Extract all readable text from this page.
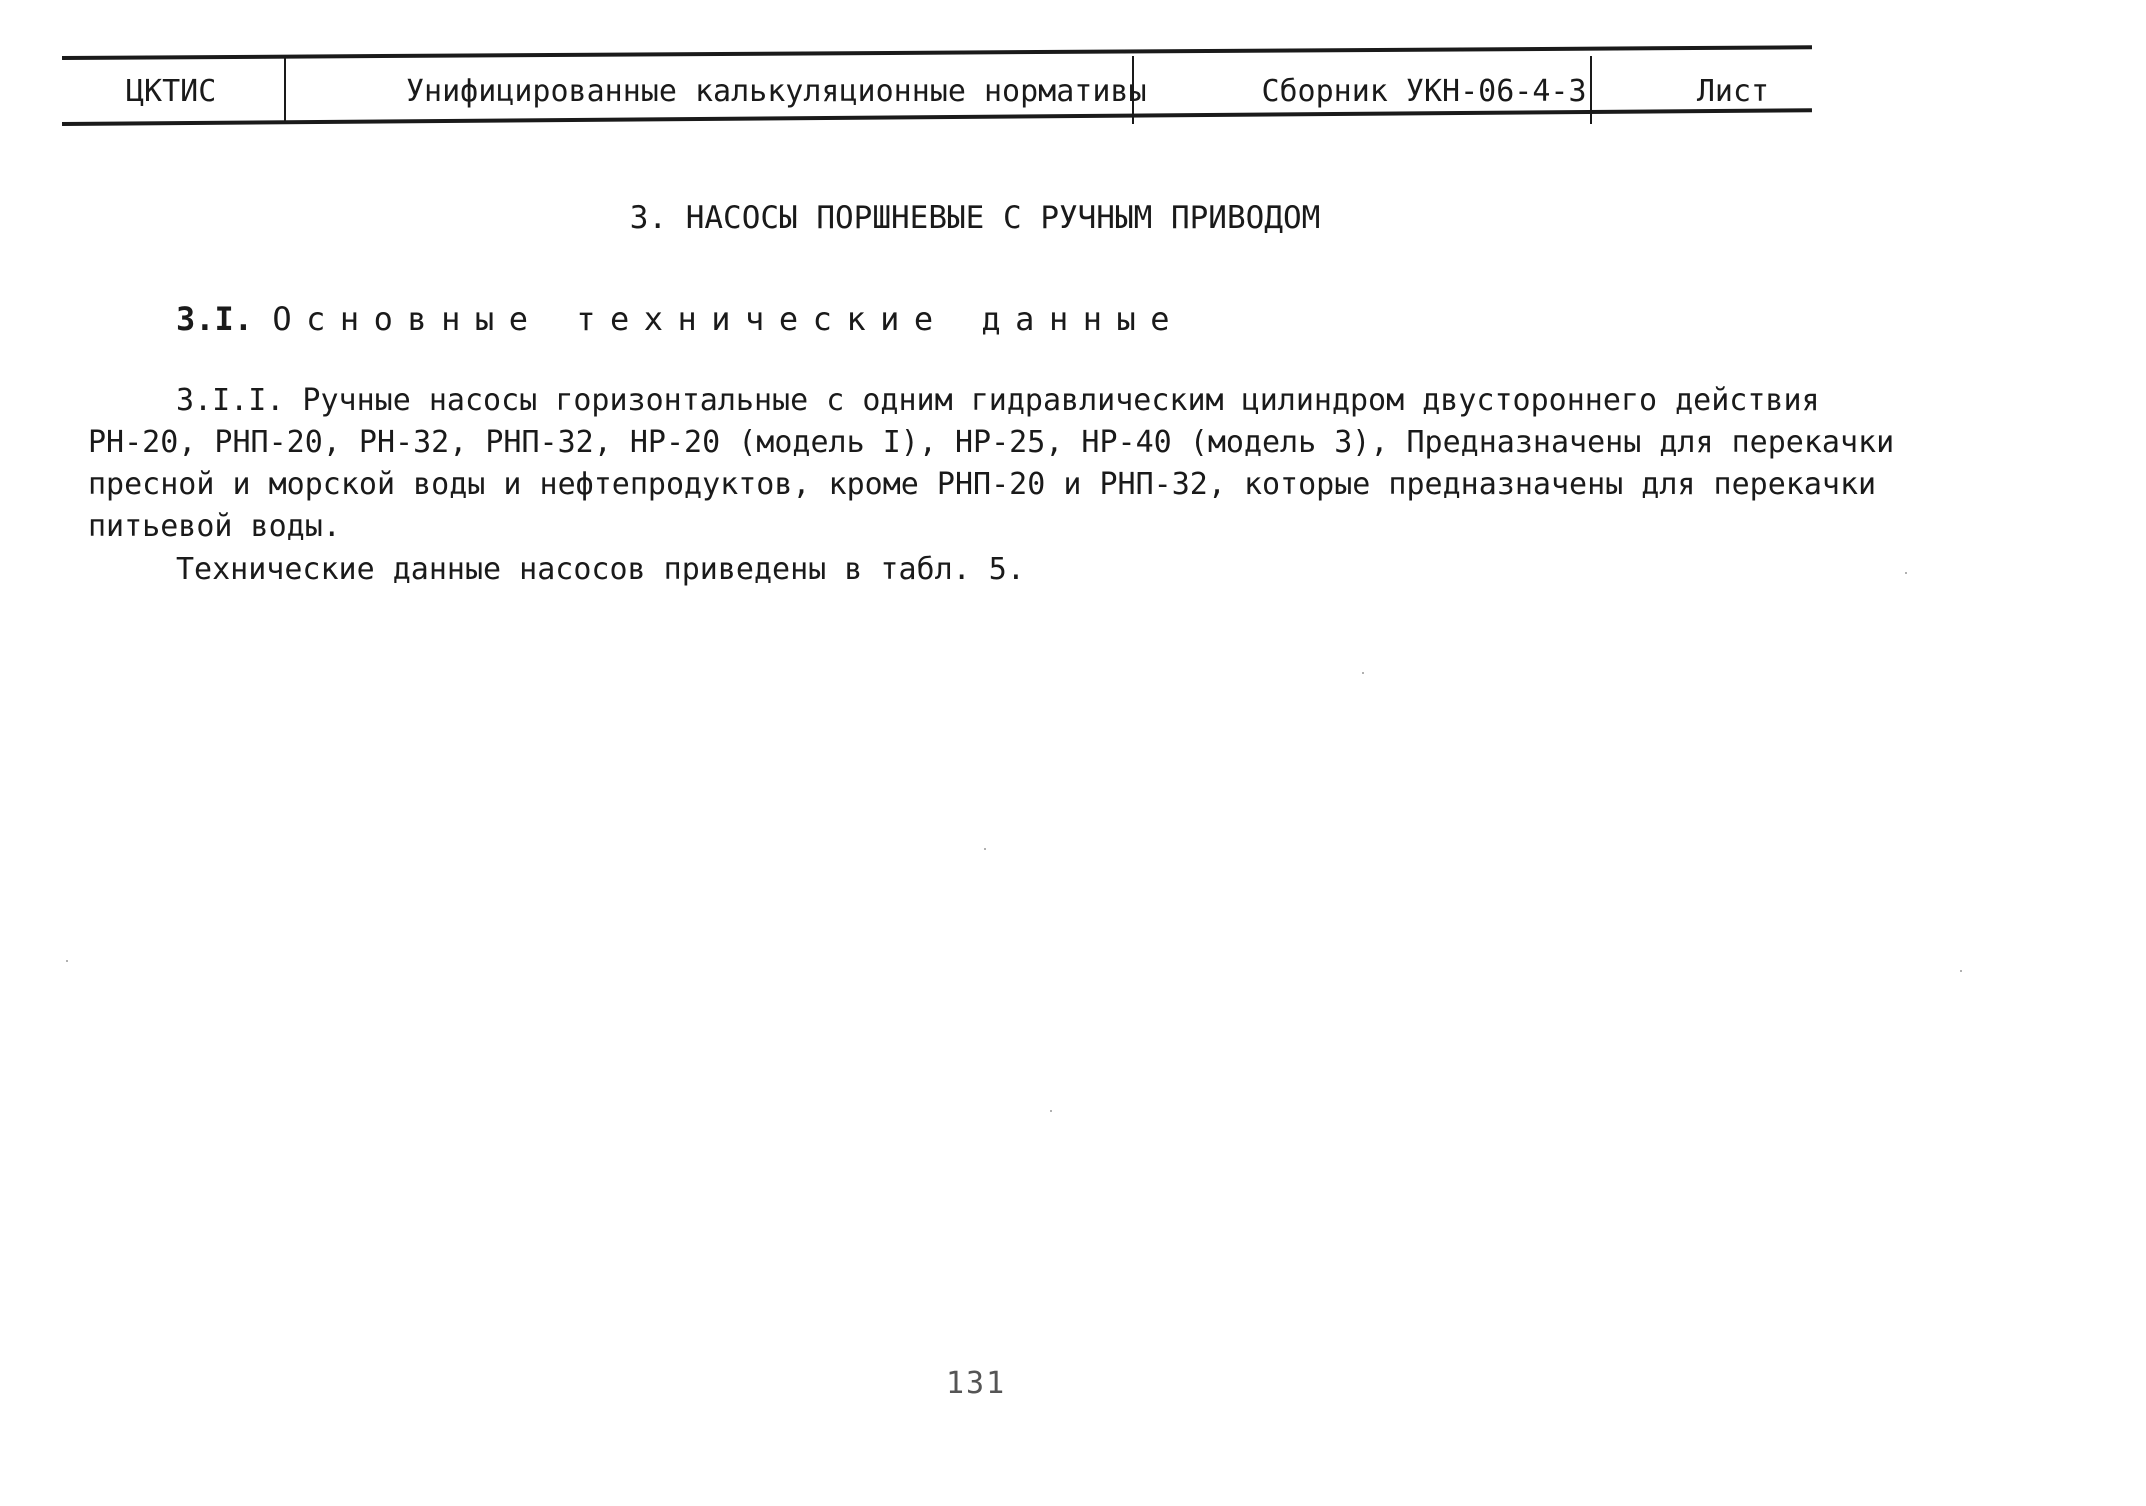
ЦКТИС	Унифицированные калькуляционные нормативы	Сборник УКН-06-4-3	Лист
3. НАСОСЫ ПОРШНЕВЫЕ С РУЧНЫМ ПРИВОДОМ
3.I. Основные технические данные
3.I.I. Ручные насосы горизонтальные с одним гидравлическим цилиндром двустороннего действия
РН-20, РНП-20, РН-32, РНП-32, НР-20 (модель I), НР-25, НР-40 (модель 3), Предназначены для перекачки
пресной и морской воды и нефтепродуктов, кроме РНП-20 и РНП-32, которые предназначены для перекачки
питьевой воды.
Технические данные насосов приведены в табл. 5.
131
